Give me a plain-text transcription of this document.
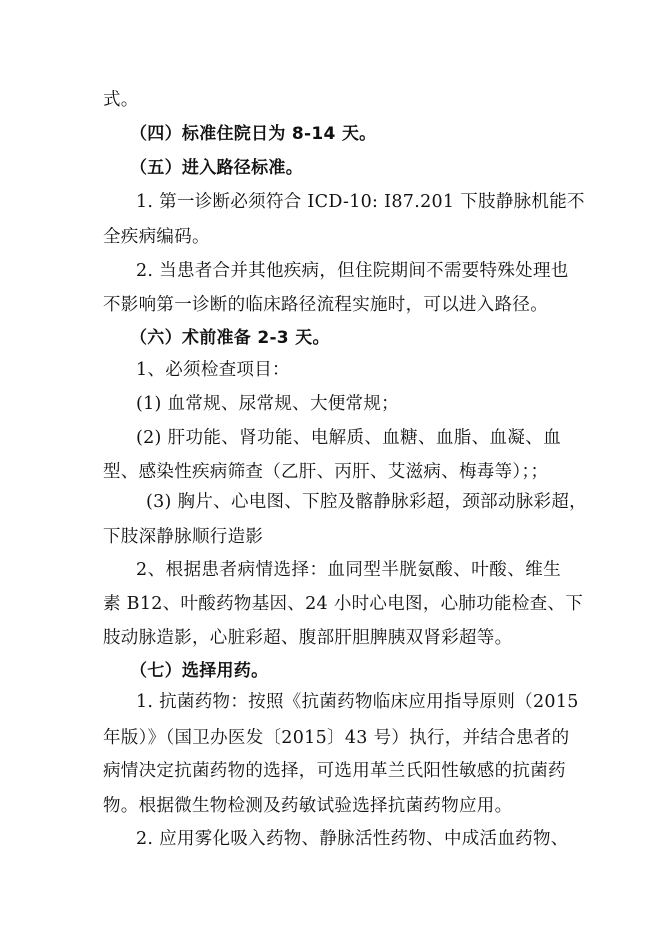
式。
（四）标准住院日为 8-14 天。
（五）进入路径标准。
1. 第一诊断必须符合 ICD-10: I87.201 下肢静脉机能不
全疾病编码。
2. 当患者合并其他疾病，但住院期间不需要特殊处理也
不影响第一诊断的临床路径流程实施时，可以进入路径。
（六）术前准备 2-3 天。
1、必须检查项目：
(1) 血常规、尿常规、大便常规；
(2) 肝功能、肾功能、电解质、血糖、血脂、血凝、血
型、感染性疾病筛查（乙肝、丙肝、艾滋病、梅毒等）；；
(3) 胸片、心电图、下腔及髂静脉彩超，颈部动脉彩超，
下肢深静脉顺行造影
2、根据患者病情选择：血同型半胱氨酸、叶酸、维生
素 B12、叶酸药物基因、24 小时心电图，心肺功能检查、下
肢动脉造影，心脏彩超、腹部肝胆脾胰双肾彩超等。
（七）选择用药。
1. 抗菌药物：按照《抗菌药物临床应用指导原则（2015
年版）》（国卫办医发〔2015〕43 号）执行，并结合患者的
病情决定抗菌药物的选择，可选用革兰氏阳性敏感的抗菌药
物。根据微生物检测及药敏试验选择抗菌药物应用。
2. 应用雾化吸入药物、静脉活性药物、中成活血药物、
